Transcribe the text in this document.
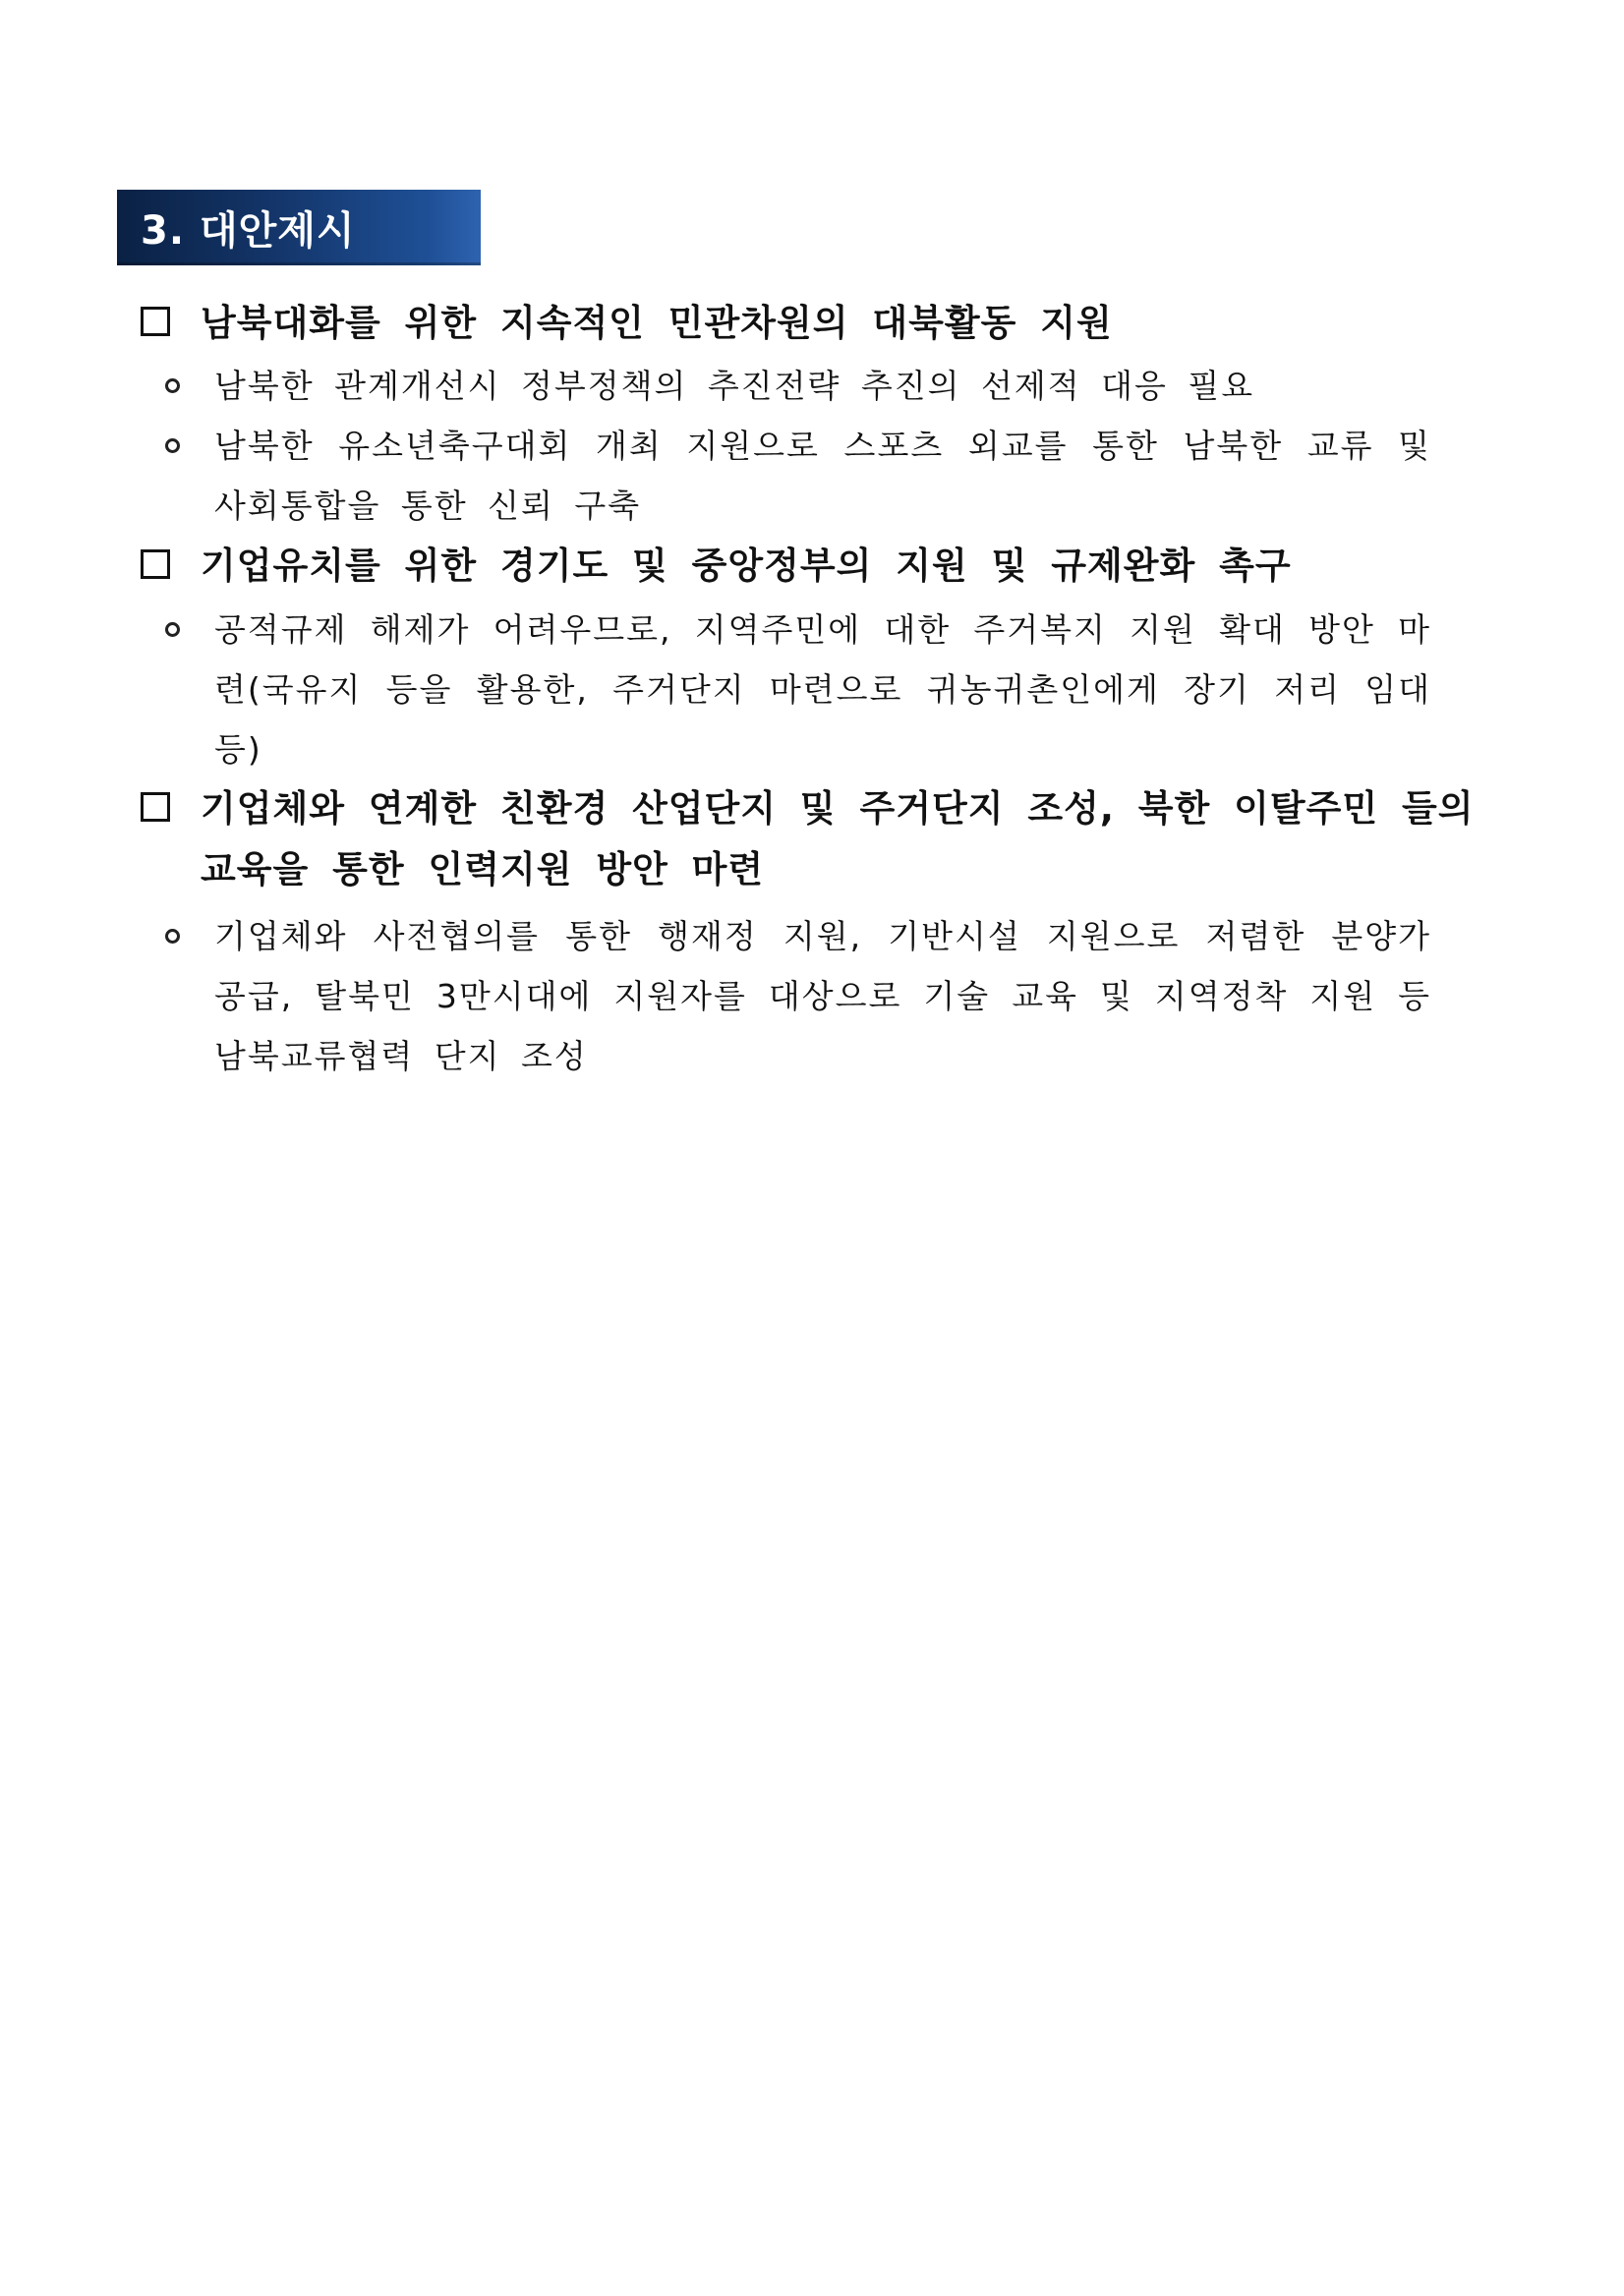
3. 대안제시
남북대화를 위한 지속적인 민관차원의 대북활동 지원
남북한 관계개선시 정부정책의 추진전략 추진의 선제적 대응 필요
남북한 유소년축구대회 개최 지원으로 스포츠 외교를 통한 남북한 교류 및 사회통합을 통한 신뢰 구축
기업유치를 위한 경기도 및 중앙정부의 지원 및 규제완화 촉구
공적규제 해제가 어려우므로, 지역주민에 대한 주거복지 지원 확대 방안 마련(국유지 등을 활용한, 주거단지 마련으로 귀농귀촌인에게 장기 저리 임대 등)
기업체와 연계한 친환경 산업단지 및 주거단지 조성, 북한 이탈주민 들의 교육을 통한 인력지원 방안 마련
기업체와 사전협의를 통한 행재정 지원, 기반시설 지원으로 저렴한 분양가 공급, 탈북민 3만시대에 지원자를 대상으로 기술 교육 및 지역정착 지원 등 남북교류협력 단지 조성
